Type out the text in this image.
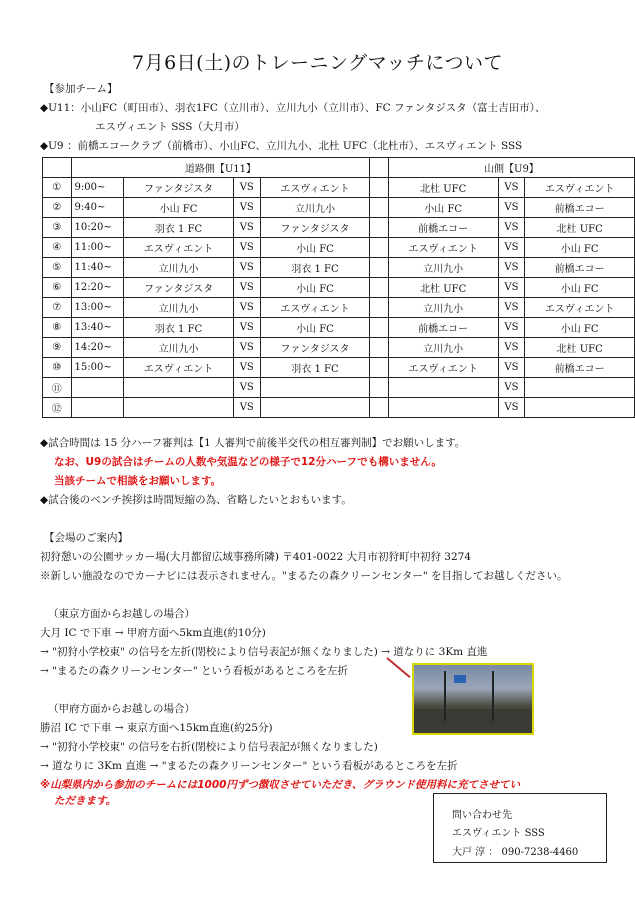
7月6日(土)のトレーニングマッチについて
【参加チーム】
◆U11：小山FC（町田市）、羽衣1FC（立川市）、立川九小（立川市）、FC ファンタジスタ（富士吉田市）、
エスヴィエント SSS（大月市）
◆U9 ：前橋エコークラブ（前橋市）、小山FC、立川九小、北杜 UFC（北杜市）、エスヴィエント SSS
	道路側【U11】					山側【U9】		
①	9:00~	ファンタジスタ	VS	エスヴィエント		北杜 UFC	VS	エスヴィエント
②	9:40~	小山 FC	VS	立川九小		小山 FC	VS	前橋エコー
③	10:20~	羽衣 1 FC	VS	ファンタジスタ		前橋エコー	VS	北杜 UFC
④	11:00~	エスヴィエント	VS	小山 FC		エスヴィエント	VS	小山 FC
⑤	11:40~	立川九小	VS	羽衣 1 FC		立川九小	VS	前橋エコー
⑥	12:20~	ファンタジスタ	VS	小山 FC		北杜 UFC	VS	小山 FC
⑦	13:00~	立川九小	VS	エスヴィエント		立川九小	VS	エスヴィエント
⑧	13:40~	羽衣 1 FC	VS	小山 FC		前橋エコー	VS	小山 FC
⑨	14:20~	立川九小	VS	ファンタジスタ		立川九小	VS	北杜 UFC
⑩	15:00~	エスヴィエント	VS	羽衣 1 FC		エスヴィエント	VS	前橋エコー
⑪			VS				VS	
⑫			VS				VS	
◆試合時間は 15 分ハーフ審判は【1 人審判で前後半交代の相互審判制】でお願いします。
なお、U9の試合はチームの人数や気温などの様子で12分ハーフでも構いません。
当該チームで相談をお願いします。
◆試合後のベンチ挨拶は時間短縮の為、省略したいとおもいます。
【会場のご案内】
初狩憩いの公園サッカー場(大月都留広域事務所隣) 〒401-0022 大月市初狩町中初狩 3274
※新しい施設なのでカーナビには表示されません。"まるたの森クリーンセンター" を目指してお越しください。
（東京方面からお越しの場合）
大月 IC で下車 → 甲府方面へ5km直進(約10分)
→ "初狩小学校東" の信号を左折(閉校により信号表記が無くなりました) → 道なりに 3Km 直進
→ "まるたの森クリーンセンター" という看板があるところを左折
（甲府方面からお越しの場合）
勝沼 IC で下車 → 東京方面へ15km直進(約25分)
→ "初狩小学校東" の信号を右折(閉校により信号表記が無くなりました)
→ 道なりに 3Km 直進 → "まるたの森クリーンセンター" という看板があるところを左折
※山梨県内から参加のチームには1000円ずつ徴収させていただき、グラウンド使用料に充てさせてい
ただきます。
問い合わせ先
エスヴィエント SSS
大戸 淳 ： 090-7238-4460
